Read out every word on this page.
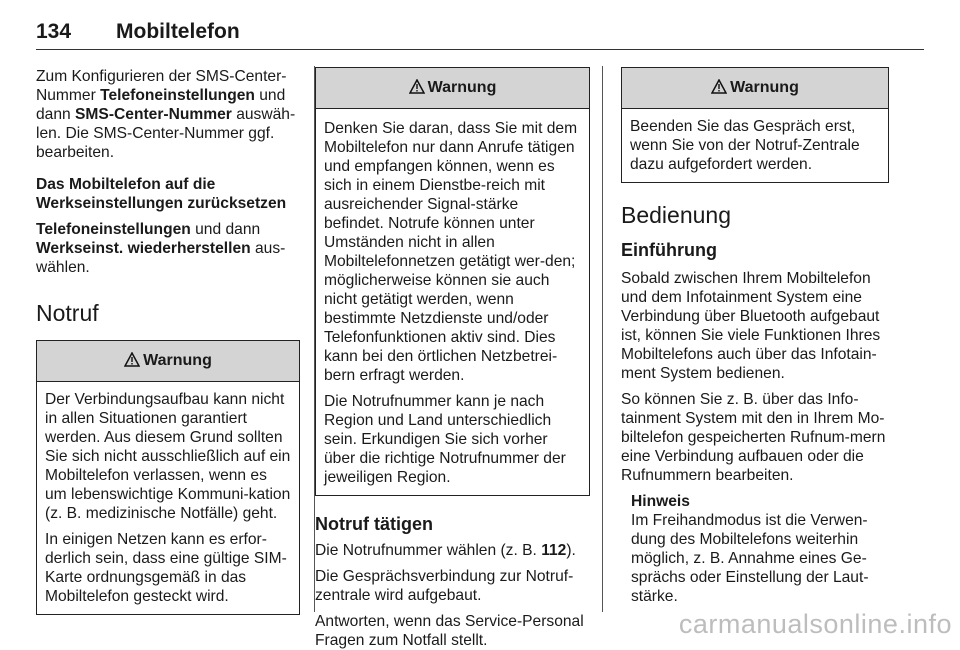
134 Mobiltelefon

Zum Konfigurieren der SMS-Center-Nummer Telefoneinstellungen und dann SMS-Center-Nummer auswäh-len. Die SMS-Center-Nummer ggf. bearbeiten.

Das Mobiltelefon auf die Werkseinstellungen zurücksetzen

Telefoneinstellungen und dann Werkseinst. wiederherstellen aus-wählen.

Notruf

Warnung

Der Verbindungsaufbau kann nicht in allen Situationen garantiert werden. Aus diesem Grund sollten Sie sich nicht ausschließlich auf ein Mobiltelefon verlassen, wenn es um lebenswichtige Kommuni-kation (z. B. medizinische Notfälle) geht.

In einigen Netzen kann es erfor-derlich sein, dass eine gültige SIM-Karte ordnungsgemäß in das Mobiltelefon gesteckt wird.

Warnung

Denken Sie daran, dass Sie mit dem Mobiltelefon nur dann Anrufe tätigen und empfangen können, wenn es sich in einem Dienstbe-reich mit ausreichender Signal-stärke befindet. Notrufe können unter Umständen nicht in allen Mobiltelefonnetzen getätigt wer-den; möglicherweise können sie auch nicht getätigt werden, wenn bestimmte Netzdienste und/oder Telefonfunktionen aktiv sind. Dies kann bei den örtlichen Netzbetrei-bern erfragt werden.

Die Notrufnummer kann je nach Region und Land unterschiedlich sein. Erkundigen Sie sich vorher über die richtige Notrufnummer der jeweiligen Region.

Notruf tätigen

Die Notrufnummer wählen (z. B. 112).

Die Gesprächsverbindung zur Notruf-zentrale wird aufgebaut.

Antworten, wenn das Service-Personal Fragen zum Notfall stellt.

Warnung

Beenden Sie das Gespräch erst, wenn Sie von der Notruf-Zentrale dazu aufgefordert werden.

Bedienung

Einführung

Sobald zwischen Ihrem Mobiltelefon und dem Infotainment System eine Verbindung über Bluetooth aufgebaut ist, können Sie viele Funktionen Ihres Mobiltelefons auch über das Infotain-ment System bedienen.

So können Sie z. B. über das Info-tainment System mit den in Ihrem Mo-biltelefon gespeicherten Rufnum-mern eine Verbindung aufbauen oder die Rufnummern bearbeiten.

Hinweis

Im Freihandmodus ist die Verwen-dung des Mobiltelefons weiterhin möglich, z. B. Annahme eines Ge-sprächs oder Einstellung der Laut-stärke.

carmanualsonline.info
